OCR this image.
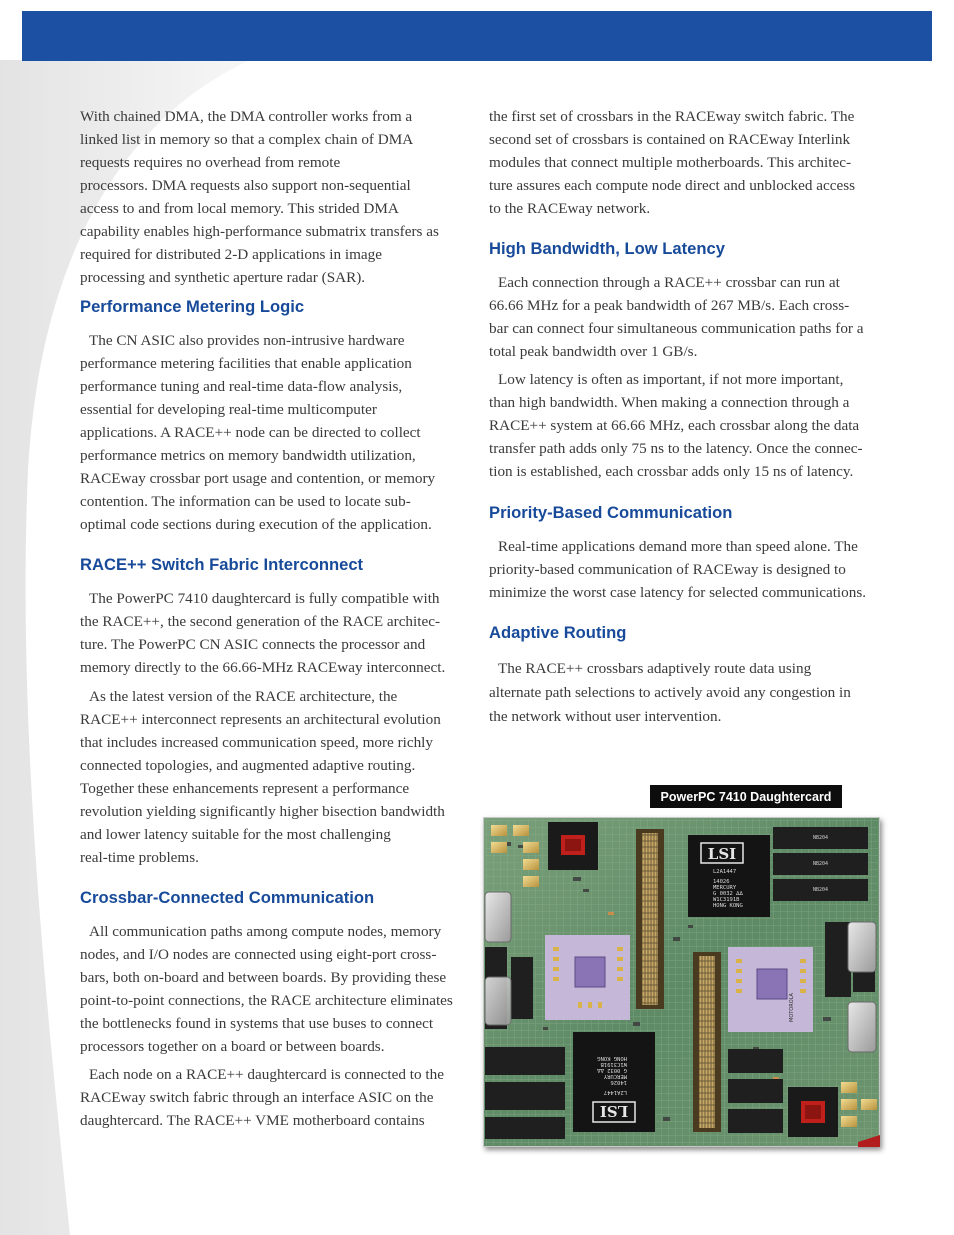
With chained DMA, the DMA controller works from a

linked list in memory so that a complex chain of DMA

requests requires no overhead from remote

processors. DMA requests also support non-sequential

access to and from local memory. This strided DMA

capability enables high-performance submatrix transfers as

required for distributed 2-D applications in image

processing and synthetic aperture radar (SAR).

Performance Metering Logic

The CN ASIC also provides non-intrusive hardware

performance metering facilities that enable application

performance tuning and real-time data-flow analysis,

essential for developing real-time multicomputer

applications. A RACE++ node can be directed to collect

performance metrics on memory bandwidth utilization,

RACEway crossbar port usage and contention, or memory

contention. The information can be used to locate sub-

optimal code sections during execution of the application.

RACE++ Switch Fabric Interconnect

The PowerPC 7410 daughtercard is fully compatible with

the RACE++, the second generation of the RACE architec-

ture. The PowerPC CN ASIC connects the processor and

memory directly to the 66.66-MHz RACEway interconnect.

As the latest version of the RACE architecture, the

RACE++ interconnect represents an architectural evolution

that includes increased communication speed, more richly

connected topologies, and augmented adaptive routing.

Together these enhancements represent a performance

revolution yielding significantly higher bisection bandwidth

and lower latency suitable for the most challenging

real-time problems.

Crossbar-Connected Communication

All communication paths among compute nodes, memory

nodes, and I/O nodes are connected using eight-port cross-

bars, both on-board and between boards. By providing these

point-to-point connections, the RACE architecture eliminates

the bottlenecks found in systems that use buses to connect

processors together on a board or between boards.

Each node on a RACE++ daughtercard is connected to the

RACEway switch fabric through an interface ASIC on the

daughtercard. The RACE++ VME motherboard contains

the first set of crossbars in the RACEway switch fabric. The

second set of crossbars is contained on RACEway Interlink

modules that connect multiple motherboards. This architec-

ture assures each compute node direct and unblocked access

to the RACEway network.

High Bandwidth, Low Latency

Each connection through a RACE++ crossbar can run at

66.66 MHz for a peak bandwidth of 267 MB/s. Each cross-

bar can connect four simultaneous communication paths for a

total peak bandwidth over 1 GB/s.

Low latency is often as important, if not more important,

than high bandwidth. When making a connection through a

RACE++ system at 66.66 MHz, each crossbar along the data

transfer path adds only 75 ns to the latency. Once the connec-

tion is established, each crossbar adds only 15 ns of latency.

Priority-Based Communication

Real-time applications demand more than speed alone. The

priority-based communication of RACEway is designed to

minimize the worst case latency for selected communications.

Adaptive Routing

The RACE++ crossbars adaptively route data using

alternate path selections to actively avoid any congestion in

the network without user intervention.

PowerPC 7410 Daughtercard
NB204
NB204
NB204
LSI
L2A1447
14026
MERCURY
G 0032 ∆∆
W1C3191B
HONG KONG
LSI
L2A1447
14026
MERCURY
G 0032 ∆∆
W1C3191B
HONG KONG
MOTOROLA
